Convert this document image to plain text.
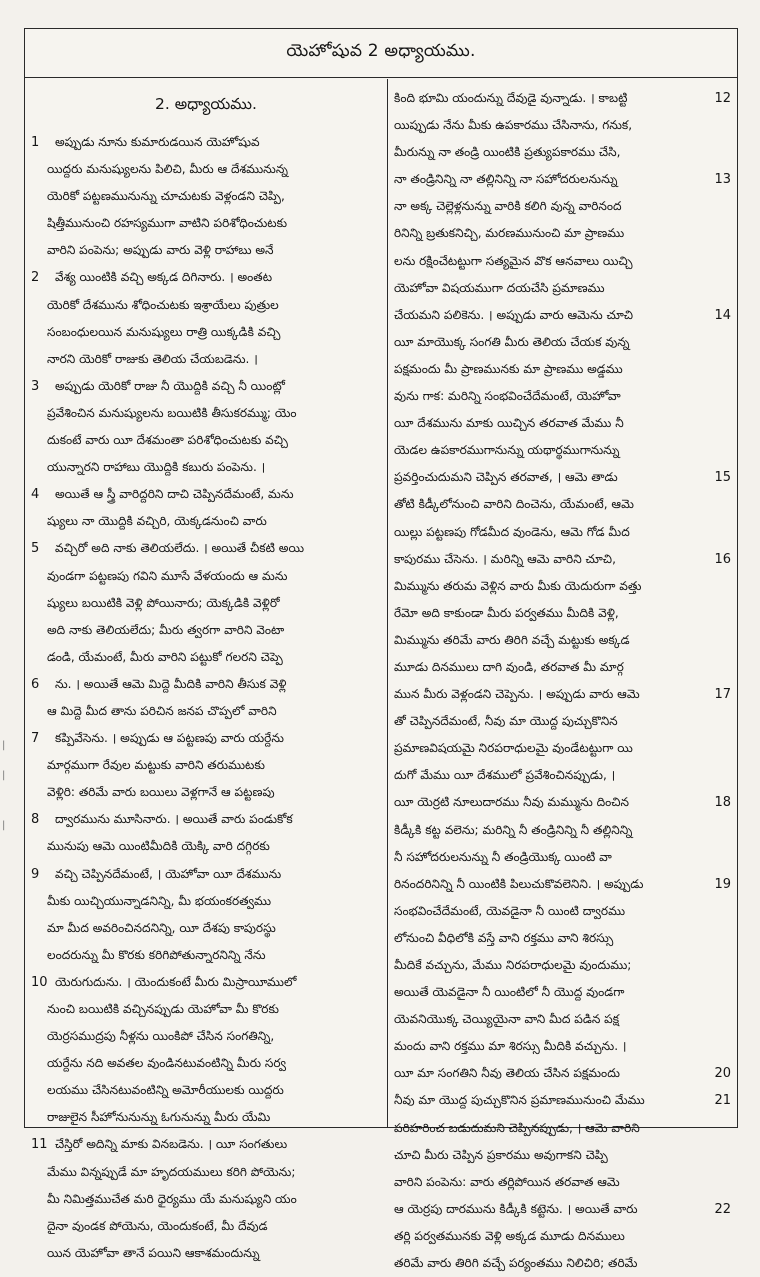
|
|
|
యెహోషువ 2 అధ్యాయము.
2. అధ్యాయము.
1 అప్పుడు నూను కుమారుడయిన యెహోషువ
యిద్దరు మనుష్యులను పిలిచి, మీరు ఆ దేశమునున్న
యెరికో పట్టణమునున్ను చూచుటకు వెళ్లండని చెప్పి,
షిత్తీమునుంచి రహస్యముగా వాటిని పరిశోధించుటకు
వారిని పంపెను; అప్పుడు వారు వెళ్లి రాహాబు అనే
2 వేశ్య యింటికి వచ్చి అక్కడ దిగినారు. । అంతట
యెరికో దేశమును శోధించుటకు ఇశ్రాయేలు పుత్రుల
సంబంధులయిన మనుష్యులు రాత్రి యిక్కడికి వచ్చి
నారని యెరికో రాజుకు తెలియ చేయబడెను. ।
3 అప్పుడు యెరికో రాజు నీ యొద్దికి వచ్చి నీ యింట్లో
ప్రవేశించిన మనుష్యులను బయిటికి తీసుకరమ్ము; యెం
దుకంటే వారు యీ దేశమంతా పరిశోధించుటకు వచ్చి
యున్నారని రాహాబు యొద్దికి కబురు పంపెను. ।
4 అయితే ఆ స్త్రీ వారిద్దరిని దాచి చెప్పినదేమంటే, మను
ష్యులు నా యొద్దికి వచ్చిరి, యెక్కడనుంచి వారు
5 వచ్చిరో అది నాకు తెలియలేదు. । అయితే చీకటి అయి
వుండగా పట్టణపు గవిని మూసే వేళయందు ఆ మను
ష్యులు బయిటికి వెళ్లి పోయినారు; యెక్కడికి వెళ్లిరో
అది నాకు తెలియలేదు; మీరు త్వరగా వారిని వెంటా
డండి, యేమంటే, మీరు వారిని పట్టుకో గలరని చెప్పె
6 ను. । అయితే ఆమె మిద్దె మీదికి వారిని తీసుక వెళ్లి
ఆ మిద్దె మీద తాను పరిచిన జనప చొప్పలో వారిని
7 కప్పివేసెను. । అప్పుడు ఆ పట్టణపు వారు యర్దేను
మార్గముగా రేవుల మట్టుకు వారిని తరుముటకు
వెళ్లిరి: తరిమే వారు బయిలు వెళ్లగానే ఆ పట్టణపు
8 ద్వారమును మూసినారు. । అయితే వారు పండుకోక
మునుపు ఆమె యింటిమీదికి యెక్కి వారి దగ్గిరకు
9 వచ్చి చెప్పినదేమంటే, । యెహోవా యీ దేశమును
మీకు యిచ్చియున్నాడనిన్ని, మీ భయంకరత్వము
మా మీద అవరించినదనిన్ని, యీ దేశపు కాపురస్థు
లందరున్ను మీ కొరకు కరిగిపోతున్నారనిన్ని నేను
10 యెరుగుదును. । యెందుకంటే మీరు మిస్రాయీములో
నుంచి బయిటికి వచ్చినప్పుడు యెహోవా మీ కొరకు
యెర్రసముద్రపు నీళ్లను యింకిపో చేసిన సంగతిన్ని,
యర్దేను నది అవతల వుండినటువంటిన్ని మీరు సర్వ
లయము చేసినటువంటిన్ని అమోరీయులకు యిద్దరు
రాజులైన సీహోనునున్ను ఓగునున్ను మీరు యేమి
11 చేస్తిరో అదిన్ని మాకు వినబడెను. । యీ సంగతులు
మేము విన్నప్పుడే మా హృదయములు కరిగి పోయెను;
మీ నిమిత్తముచేత మరి ధైర్యము యే మనుష్యుని యం
దైనా వుండక పోయెను, యెందుకంటే, మీ దేవుడ
యిన యెహోవా తానే పయిని ఆకాశమందున్ను
12
కింది భూమి యందున్ను దేవుడై వున్నాడు. । కాబట్టి
యిప్పుడు నేను మీకు ఉపకారము చేసినాను, గనుక,
మీరున్ను నా తండ్రి యింటికి ప్రత్యుపకారము చేసి,
13
నా తండ్రినిన్ని నా తల్లినిన్ని నా సహోదరులనున్ను
నా అక్క చెల్లెళ్లనున్ను వారికి కలిగి వున్న వారినంద
రినిన్ని బ్రతుకనిచ్చి, మరణమునుంచి మా ప్రాణము
లను రక్షించేటట్టుగా సత్యమైన వొక ఆనవాలు యిచ్చి
యెహోవా విషయముగా దయచేసి ప్రమాణము
14
చేయమని పలికెను. । అప్పుడు వారు ఆమెను చూచి
యీ మాయొక్క సంగతి మీరు తెలియ చేయక వున్న
పక్షమందు మీ ప్రాణమునకు మా ప్రాణము అడ్డము
వును గాక: మరిన్ని సంభవించేదేమంటే, యెహోవా
యీ దేశమును మాకు యిచ్చిన తరవాత మేము నీ
యెడల ఉపకారముగానున్ను యథార్థముగానున్ను
15
ప్రవర్తించుదుమని చెప్పిన తరవాత, । ఆమె తాడు
తోటి కిడ్కీలోనుంచి వారిని దించెను, యేమంటే, ఆమె
యిల్లు పట్టణపు గోడమీద వుండెను, ఆమె గోడ మీద
16
కాపురము చేసెను. । మరిన్ని ఆమె వారిని చూచి,
మిమ్మును తరుమ వెళ్లిన వారు మీకు యెదురుగా వత్తు
రేమో అది కాకుండా మీరు పర్వతము మీదికి వెళ్లి,
మిమ్మును తరిమే వారు తిరిగి వచ్చే మట్టుకు అక్కడ
మూడు దినములు దాగి వుండి, తరవాత మీ మార్గ
17
మున మీరు వెళ్లండని చెప్పెను. । అప్పుడు వారు ఆమె
తో చెప్పినదేమంటే, నీవు మా యొద్ద పుచ్చుకొనిన
ప్రమాణవిషయమై నిరపరాధులమై వుండేటట్టుగా యి
దుగో మేము యీ దేశములో ప్రవేశించినప్పుడు, ।
18
యీ యెర్రటి నూలుదారము నీవు మమ్మును దించిన
కిడ్కీకి కట్ట వలెను; మరిన్ని నీ తండ్రినిన్ని నీ తల్లినిన్ని
నీ సహోదరులనున్ను నీ తండ్రియొక్క యింటి వా
19
రినందరినిన్ని నీ యింటికి పిలుచుకొవలెనిని. । అప్పుడు
సంభవించేదేమంటే, యెవడైనా నీ యింటి ద్వారము
లోనుంచి వీధిలోకి వస్తే వాని రక్తము వాని శిరస్సు
మీదికే వచ్చును, మేము నిరపరాధులమై వుందుము;
అయితే యెవడైనా నీ యింటిలో నీ యొద్ద వుండగా
యెవనియొక్క చెయ్యియైనా వాని మీద పడిన పక్ష
మందు వాని రక్తము మా శిరస్సు మీదికి వచ్చును. ।
20
యీ మా సంగతిని నీవు తెలియ చేసిన పక్షమందు
21
నీవు మా యొద్ద పుచ్చుకొనిన ప్రమాణమునుంచి మేము
పరిహరించ బడుదుమని చెప్పినప్పుడు, । ఆమె వారిని
చూచి మీరు చెప్పిన ప్రకారము అవుగాకని చెప్పి
వారిని పంపెను: వారు తర్లిపోయిన తరవాత ఆమె
22
ఆ యెర్రపు దారమును కిడ్కీకి కట్టెను. । అయితే వారు
తర్లి పర్వతమునకు వెళ్లి అక్కడ మూడు దినములు
తరిమే వారు తిరిగి వచ్చే పర్యంతము నిలిచిరి; తరిమే
